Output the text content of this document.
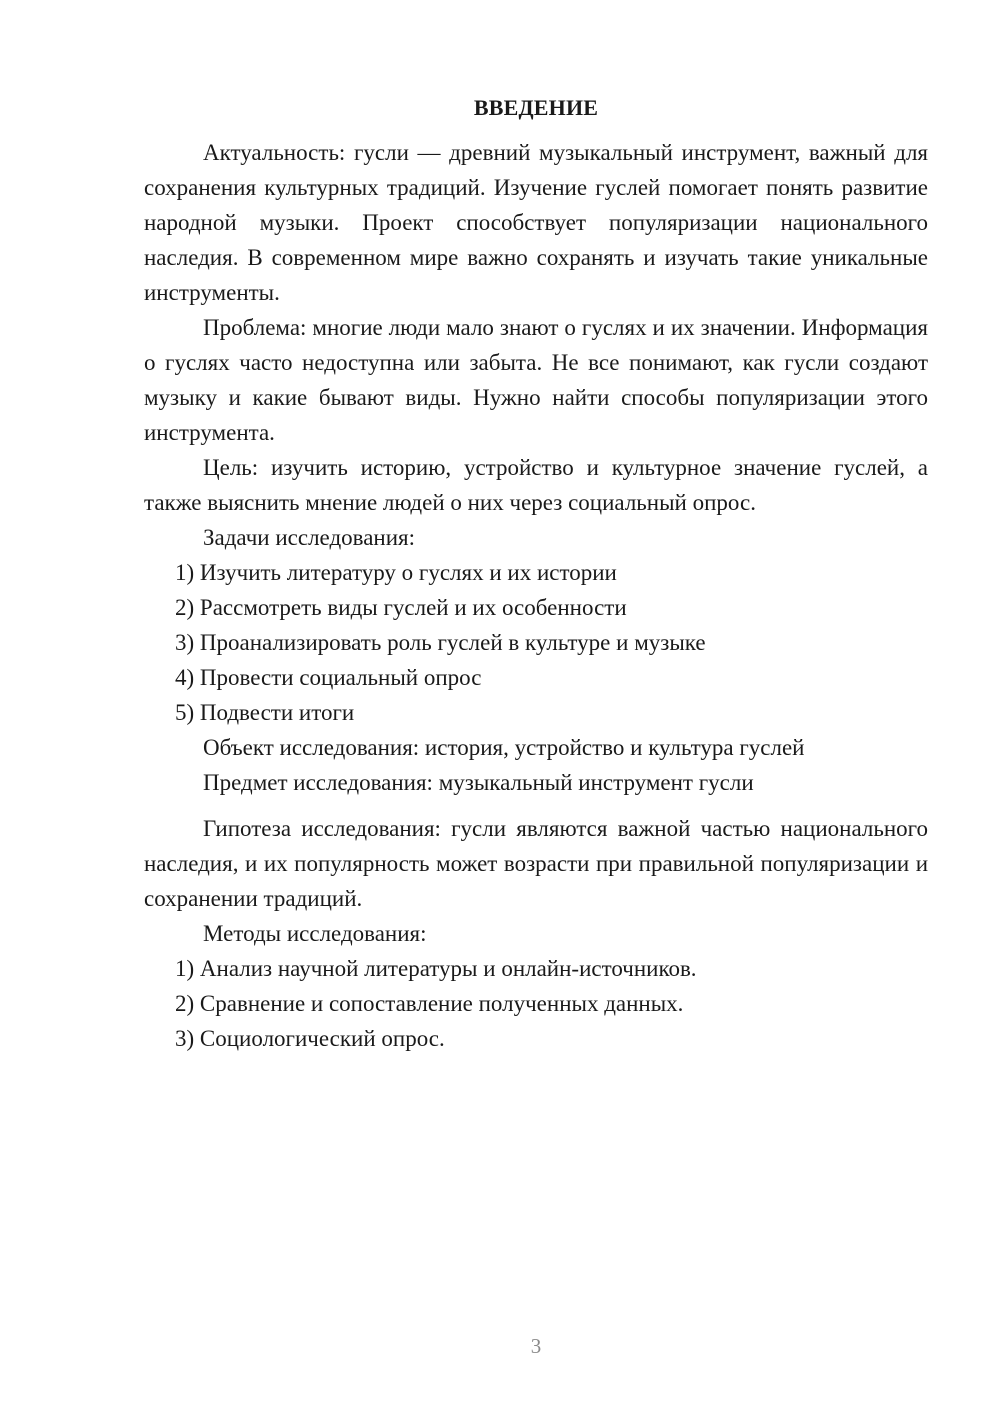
ВВЕДЕНИЕ

Актуальность: гусли — древний музыкальный инструмент, важный для сохранения культурных традиций. Изучение гуслей помогает понять развитие народной музыки. Проект способствует популяризации национального наследия. В современном мире важно сохранять и изучать такие уникальные инструменты.

Проблема: многие люди мало знают о гуслях и их значении. Информация о гуслях часто недоступна или забыта. Не все понимают, как гусли создают музыку и какие бывают виды. Нужно найти способы популяризации этого инструмента.

Цель: изучить историю, устройство и культурное значение гуслей, а также выяснить мнение людей о них через социальный опрос.

Задачи исследования:

1) Изучить литературу о гуслях и их истории

2) Рассмотреть виды гуслей и их особенности

3) Проанализировать роль гуслей в культуре и музыке

4) Провести социальный опрос

5) Подвести итоги

Объект исследования: история, устройство и культура гуслей

Предмет исследования: музыкальный инструмент гусли

Гипотеза исследования: гусли являются важной частью национального наследия, и их популярность может возрасти при правильной популяризации и сохранении традиций.

Методы исследования:

1) Анализ научной литературы и онлайн-источников.

2) Сравнение и сопоставление полученных данных.

3) Социологический опрос.

3
